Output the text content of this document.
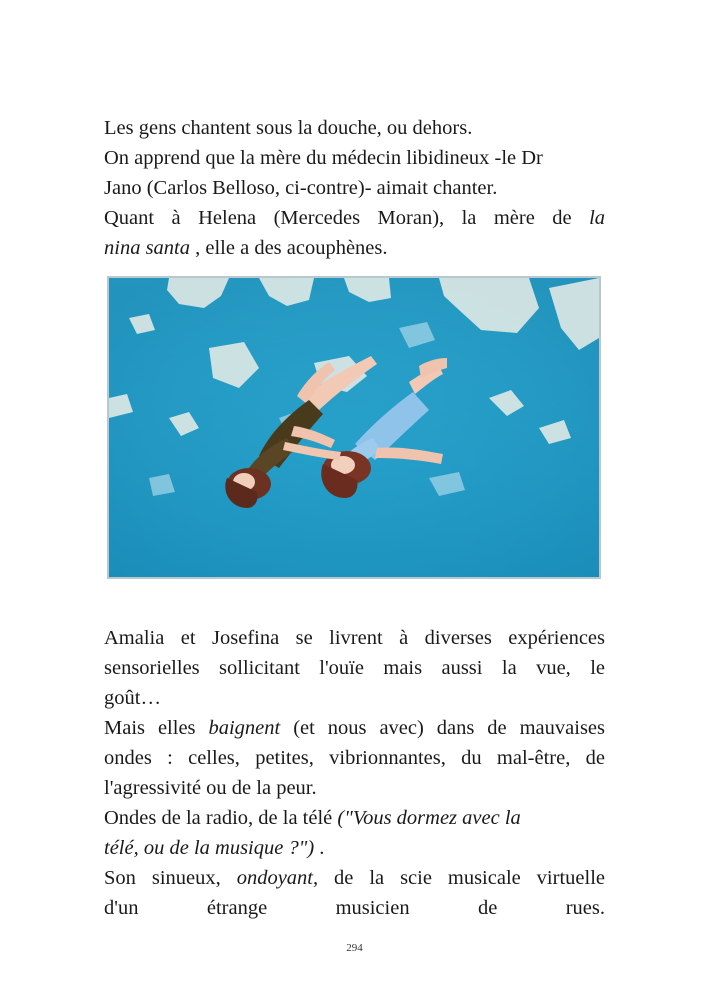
Les gens chantent sous la douche, ou dehors.
On apprend que la mère du médecin libidineux -le Dr
Jano (Carlos Belloso, ci-contre)- aimait chanter.
Quant à Helena (Mercedes Moran), la mère de la
nina santa , elle a des acouphènes.
Amalia et Josefina se livrent à diverses expériences
sensorielles sollicitant l'ouïe mais aussi la vue, le
goût…
Mais elles baignent (et nous avec) dans de mauvaises
ondes : celles, petites, vibrionnantes, du mal-être, de
l'agressivité ou de la peur.
Ondes de la radio, de la télé ("Vous dormez avec la
télé, ou de la musique ?") .
Son sinueux, ondoyant, de la scie musicale virtuelle
d'un	étrange	musicien	de	rues.
294
